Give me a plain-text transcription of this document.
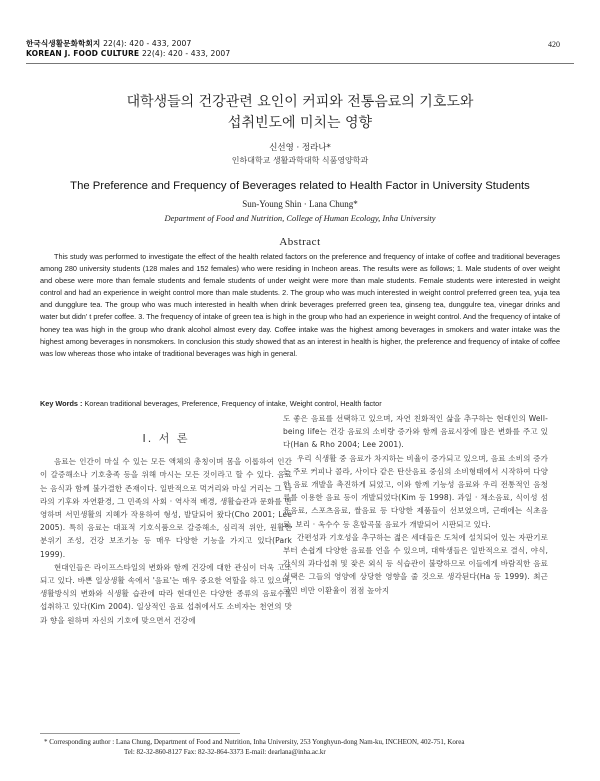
한국식생활문화학회지 22(4): 420 - 433, 2007
KOREAN J. FOOD CULTURE 22(4): 420 - 433, 2007
420
대학생들의 건강관련 요인이 커피와 전통음료의 기호도와
섭취빈도에 미치는 영향
신선영 · 정라나*
인하대학교 생활과학대학 식품영양학과
The Preference and Frequency of Beverages related to Health Factor in University Students
Sun-Young Shin · Lana Chung*
Department of Food and Nutrition, College of Human Ecology, Inha University
Abstract

This study was performed to investigate the effect of the health related factors on the preference and frequency of intake of coffee and traditional beverages among 280 university students (128 males and 152 females) who were residing in Incheon areas. The results were as follows; 1. Male students of over weight and obese were more than female students and female students of under weight were more than male students. Female students were interested in weight control and had an experience in weight control more than male students. 2. The group who was much interested in weight control preferred green tea, yuja tea and dungglure tea. The group who was much interested in health when drink beverages preferred green tea, ginseng tea, dunggulre tea, vinegar drinks and water but didn' t prefer coffee. 3. The frequency of intake of green tea is high in the group who had an experience in weight control. And the frequency of intake of honey tea was high in the group who drank alcohol almost every day. Coffee intake was the highest among beverages in smokers and water intake was the highest among beverages in nonsmokers. In conclusion this study showed that as an interest in health is higher, the preference and frequency of intake of coffee was low whereas those who intake of traditional beverages was high in general.

Key Words : Korean traditional beverages, Preference, Frequency of intake, Weight control, Health factor

I. 서 론

음료는 인간이 마실 수 있는 모든 액체의 총칭이며 몸을 이롭하여 인간이 갈증해소나 기호충족 등을 위해 마시는 모든 것이라고 할 수 있다. 음료는 음식과 함께 불가결한 존재이다. 일반적으로 먹거리와 마실 거리는 그 나라의 기후와 자연환경, 그 민족의 사회 · 역사적 배경, 생활습관과 문화를 반영하며 서민생활의 지혜가 작용하여 형성, 발달되어 왔다(Cho 2001; Lee 2005). 특히 음료는 대표적 기호식품으로 갈증해소, 심리적 위안, 원활한 분위기 조성, 건강 보조기능 등 매우 다양한 기능을 가지고 있다(Park 1999).

현대인들은 라이프스타일의 변화와 함께 건강에 대한 관심이 더욱 고조되고 있다. 바쁜 일상생활 속에서 '음료'는 매우 중요한 역할을 하고 있으며, 생활방식의 변화와 식생활 습관에 따라 현대인은 다양한 종류의 음료수를 섭취하고 있다(Kim 2004). 일상적인 음료 섭취에서도 소비자는 천연의 맛과 향을 원하며 자신의 기호에 맞으면서 건강에

도 좋은 음료를 선택하고 있으며, 자연 친화적인 삶을 추구하는 현대인의 Well-being life는 건강 음료의 소비량 증가와 함께 음료시장에 많은 변화를 주고 있다(Han & Rho 2004; Lee 2001).

우리 식생활 중 음료가 차지하는 비율이 증가되고 있으며, 음료 소비의 증가는 주로 커피나 콜라, 사이다 같은 탄산음료 중심의 소비형태에서 시작하여 다양한 음료 개발을 촉진하게 되었고, 이와 함께 기능성 음료와 우리 전통적인 음청류를 이용한 음료 등이 개발되었다(Kim 등 1998). 과일 · 채소음료, 식이성 섬유음료, 스포츠음료, 쌀음료 등 다양한 제품들이 선보였으며, 근래에는 식초음료, 보리 · 옥수수 등 혼합곡물 음료가 개발되어 시판되고 있다.

간편성과 기호성을 추구하는 젊은 세대들은 도처에 설치되어 있는 자판기로부터 손쉽게 다양한 음료를 언을 수 있으며, 대학생들은 일반적으로 결식, 야식, 간식의 과다섭취 및 잦은 외식 등 식습관이 불량하므로 이들에게 바람직한 음료 선택은 그들의 영양에 상당한 영향을 줄 것으로 생각된다(Ha 등 1999). 최근 국민 비만 이환율이 점점 높아지

* Corresponding author : Lana Chung, Department of Food and Nutrition, Inha University, 253 Yonghyun-dong Nam-ku, INCHEON, 402-751, Korea
Tel: 82-32-860-8127 Fax: 82-32-864-3373 E-mail: dearlana@inha.ac.kr
